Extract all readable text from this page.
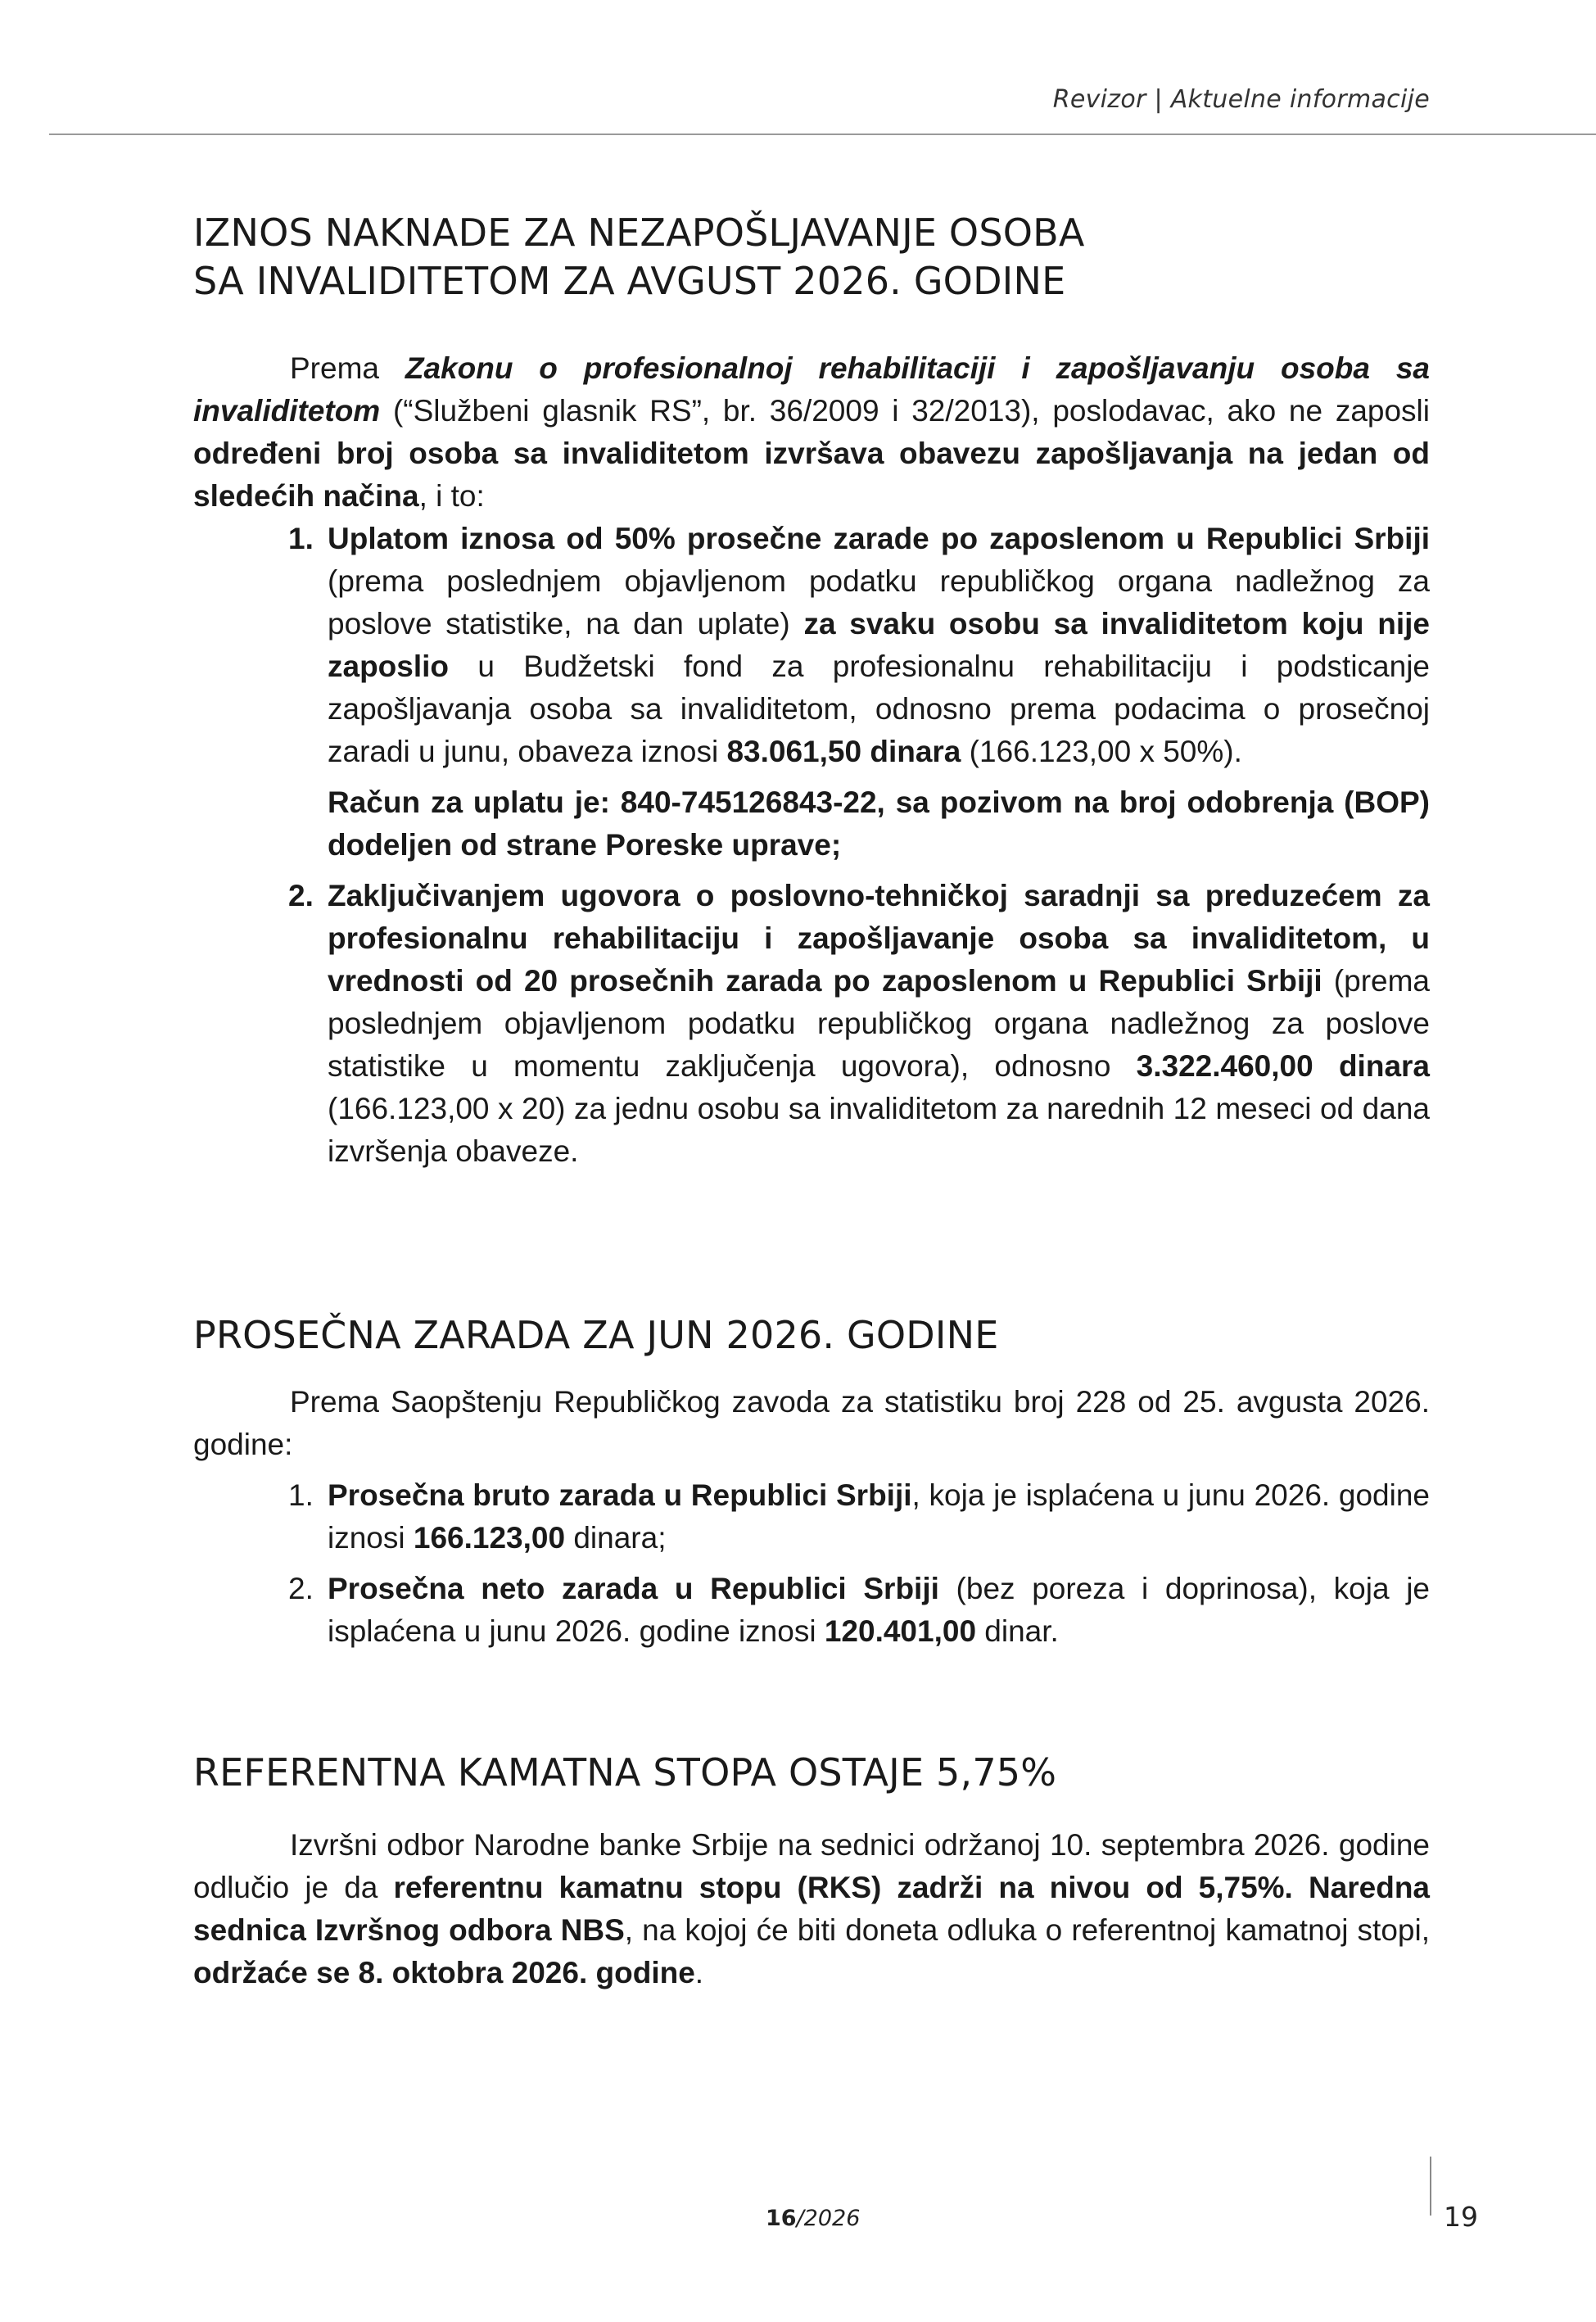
Revizor | Aktuelne informacije
IZNOS NAKNADE ZA NEZAPOŠLJAVANJE OSOBA
SA INVALIDITETOM ZA AVGUST 2026. GODINE

Prema Zakonu o profesionalnoj rehabilitaciji i zapošljavanju osoba sa invaliditetom (“Službeni glasnik RS”, br. 36/2009 i 32/2013), poslodavac, ako ne zaposli određeni broj osoba sa invaliditetom izvršava obavezu zapošljavanja na jedan od sledećih načina, i to:

1. Uplatom iznosa od 50% prosečne zarade po zaposlenom u Republici Srbiji (prema poslednjem objavljenom podatku republičkog organa nadležnog za poslove statistike, na dan uplate) za svaku osobu sa invaliditetom koju nije zaposlio u Budžetski fond za profesionalnu rehabilitaciju i podsticanje zapošljavanja osoba sa invaliditetom, odnosno prema podacima o prosečnoj zaradi u junu, obaveza iznosi 83.061,50 dinara (166.123,00 x 50%).

Račun za uplatu je: 840-745126843-22, sa pozivom na broj odobrenja (BOP) dodeljen od strane Poreske uprave;

2. Zaključivanjem ugovora o poslovno-tehničkoj saradnji sa preduzećem za profesionalnu rehabilitaciju i zapošljavanje osoba sa invaliditetom, u vrednosti od 20 prosečnih zarada po zaposlenom u Republici Srbiji (prema poslednjem objavljenom podatku republičkog organa nadležnog za poslove statistike u momentu zaključenja ugovora), odnosno 3.322.460,00 dinara (166.123,00 x 20) za jednu osobu sa invaliditetom za narednih 12 meseci od dana izvršenja obaveze.
PROSEČNA ZARADA ZA JUN 2026. GODINE

Prema Saopštenju Republičkog zavoda za statistiku broj 228 od 25. avgusta 2026. godine:

1. Prosečna bruto zarada u Republici Srbiji, koja je isplaćena u junu 2026. godine iznosi 166.123,00 dinara;
2. Prosečna neto zarada u Republici Srbiji (bez poreza i doprinosa), koja je isplaćena u junu 2026. godine iznosi 120.401,00 dinar.
REFERENTNA KAMATNA STOPA OSTAJE 5,75%

Izvršni odbor Narodne banke Srbije na sednici održanoj 10. septembra 2026. godine odlučio je da referentnu kamatnu stopu (RKS) zadrži na nivou od 5,75%. Naredna sednica Izvršnog odbora NBS, na kojoj će biti doneta odluka o referentnoj kamatnoj stopi, održaće se 8. oktobra 2026. godine.

16/2026	19
